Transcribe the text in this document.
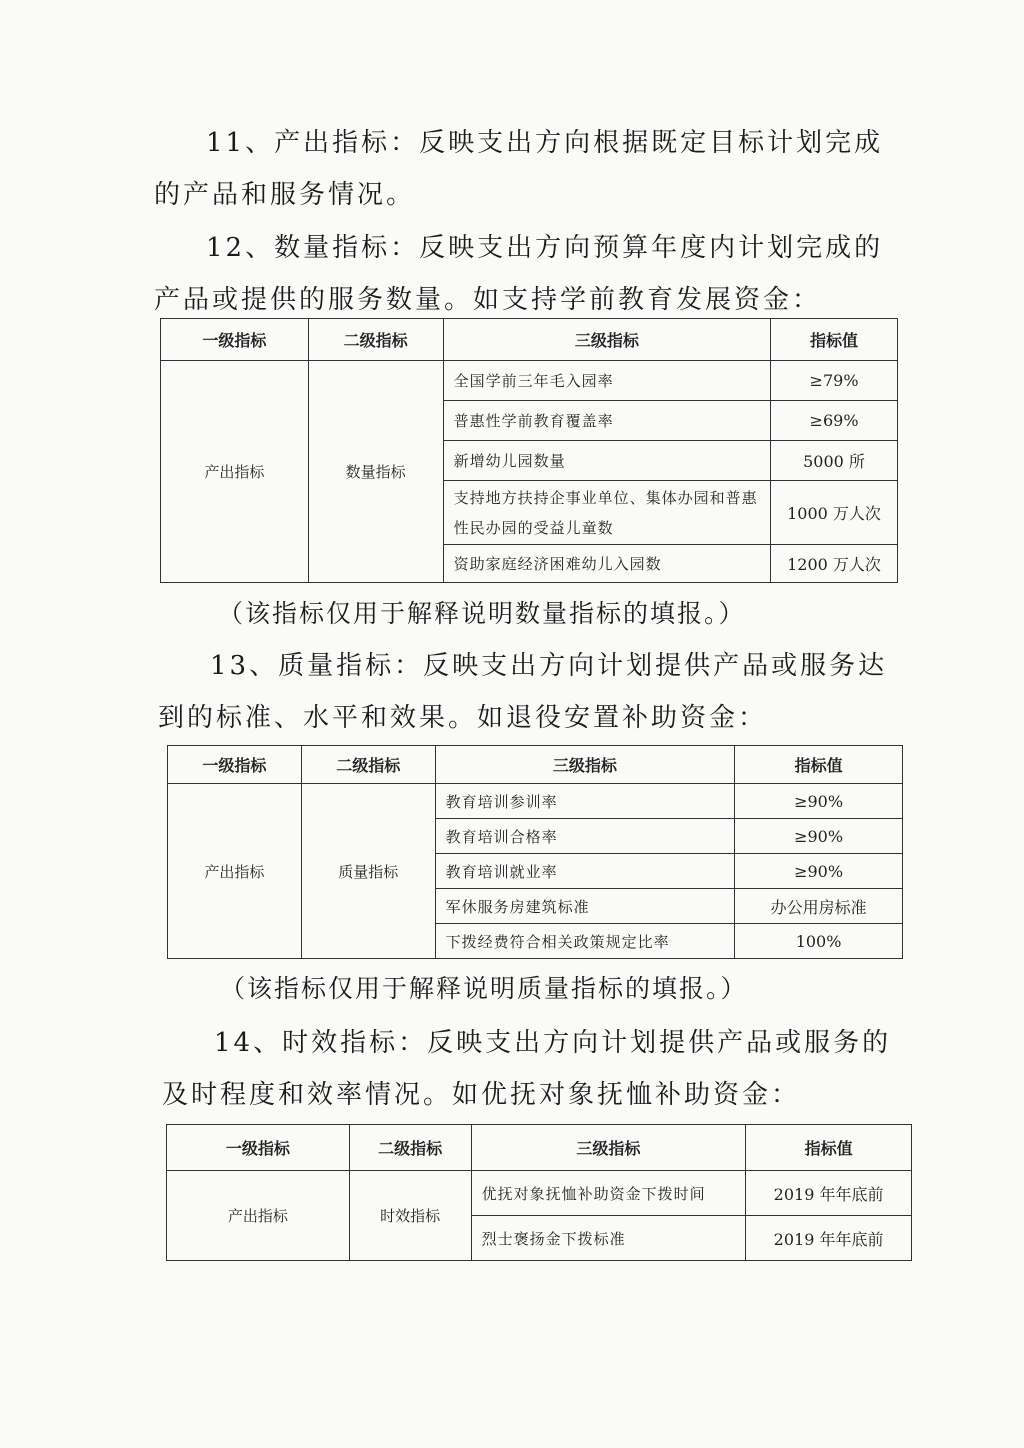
11、产出指标：反映支出方向根据既定目标计划完成的产品和服务情况。

12、数量指标：反映支出方向预算年度内计划完成的产品或提供的服务数量。如支持学前教育发展资金：

一级指标	二级指标	三级指标	指标值
产出指标	数量指标	全国学前三年毛入园率	≥79%
		普惠性学前教育覆盖率	≥69%
		新增幼儿园数量	5000 所
		支持地方扶持企事业单位、集体办园和普惠性民办园的受益儿童数	1000 万人次
		资助家庭经济困难幼儿入园数	1200 万人次

（该指标仅用于解释说明数量指标的填报。）

13、质量指标：反映支出方向计划提供产品或服务达到的标准、水平和效果。如退役安置补助资金：

一级指标	二级指标	三级指标	指标值
产出指标	质量指标	教育培训参训率	≥90%
		教育培训合格率	≥90%
		教育培训就业率	≥90%
		军休服务房建筑标准	办公用房标准
		下拨经费符合相关政策规定比率	100%

（该指标仅用于解释说明质量指标的填报。）

14、时效指标：反映支出方向计划提供产品或服务的及时程度和效率情况。如优抚对象抚恤补助资金：

一级指标	二级指标	三级指标	指标值
产出指标	时效指标	优抚对象抚恤补助资金下拨时间	2019 年年底前
		烈士褒扬金下拨标准	2019 年年底前
